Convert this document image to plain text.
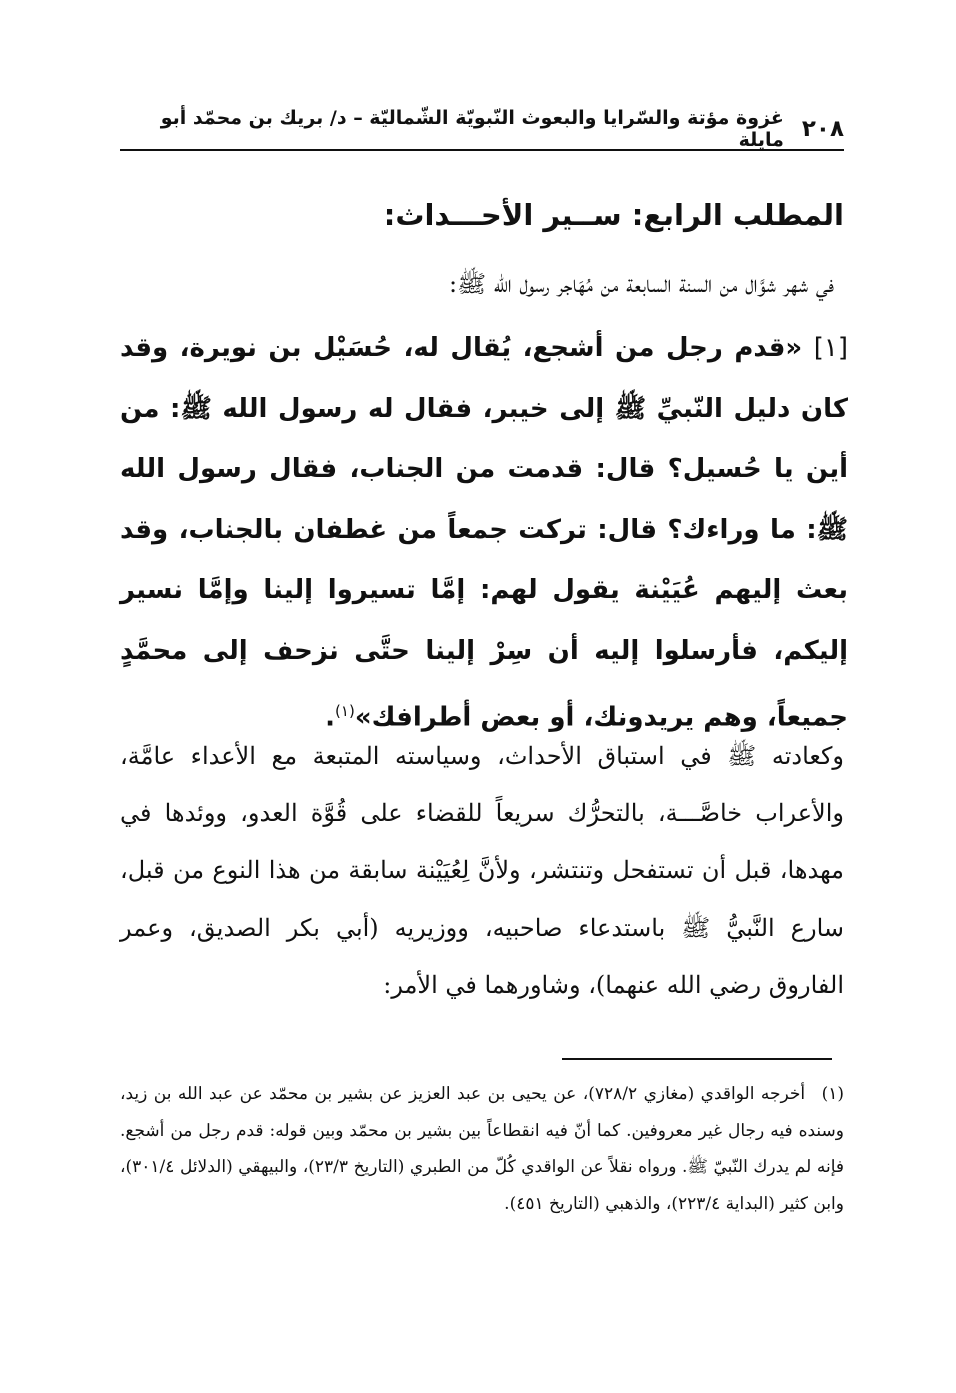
٢٠٨
غزوة مؤتة والسّرايا والبعوث النّبويّة الشّماليّة – د/ بريك بن محمّد أبو مايلة
المطلب الرابع: ســير الأحـــداث:
في شهر شوَّال من السنة السابعة من مُهَاجر رسول الله ﷺ:
[١] «قدم رجل من أشجع، يُقال له، حُسَيْل بن نويرة، وقد كان دليل النّبيِّ ﷺ إلى خيبر، فقال له رسول الله ﷺ: من أين يا حُسيل؟ قال: قدمت من الجناب، فقال رسول الله ﷺ: ما وراءك؟ قال: تركت جمعاً من غطفان بالجناب، وقد بعث إليهم عُيَيْنة يقول لهم: إمَّا تسيروا إلينا وإمَّا نسير إليكم، فأرسلوا إليه أن سِرْ إلينا حتَّى نزحف إلى محمَّدٍ جميعاً، وهم يريدونك، أو بعض أطرافك»$^{(١)}$.
وكعادته ﷺ في استباق الأحداث، وسياسته المتبعة مع الأعداء عامَّة، والأعراب خاصَّـــة، بالتحرُّك سريعاً للقضاء على قُوَّة العدو، ووئدها في مهدها، قبل أن تستفحل وتنتشر، ولأنَّ لِعُيَيْنة سابقة من هذا النوع من قبل، سارع النَّبيُّ ﷺ باستدعاء صاحبيه، ووزيريه (أبي بكر الصديق، وعمر الفاروق رضي الله عنهما)، وشاورهما في الأمر:
(١) أخرجه الواقدي (مغازي ٧٢٨/٢)، عن يحيى بن عبد العزيز عن بشير بن محمّد عن عبد الله بن زيد، وسنده فيه رجال غير معروفين. كما أنّ فيه انقطاعاً بين بشير بن محمّد وبين قوله: قدم رجل من أشجع. فإنه لم يدرك النّبيّ ﷺ. ورواه نقلاً عن الواقدي كُلّ من الطبري (التاريخ ٢٣/٣)، والبيهقي (الدلائل ٣٠١/٤)، وابن كثير (البداية ٢٢٣/٤)، والذهبي (التاريخ ٤٥١).
